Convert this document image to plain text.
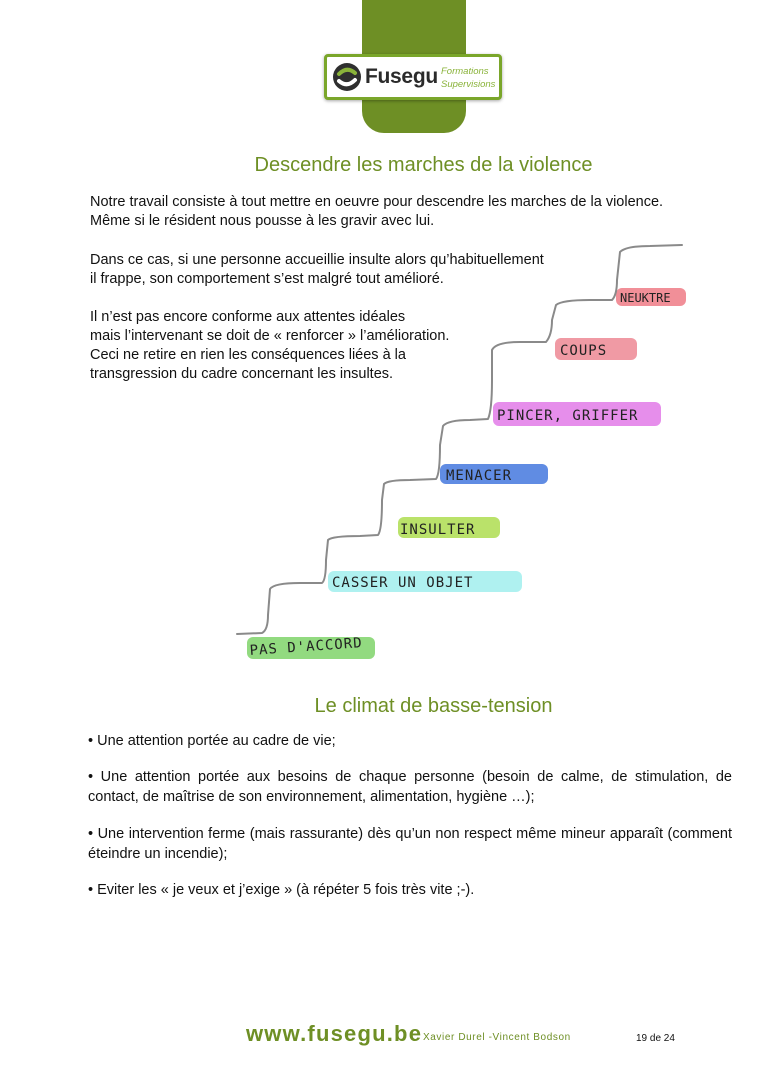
Fusegu Formations
Supervisions
Descendre les marches de la violence
Notre travail consiste à tout mettre en oeuvre pour descendre les marches de la violence.
Même si le résident nous pousse à les gravir avec lui.
Dans ce cas, si une personne accueillie insulte alors qu’habituellement
il frappe, son comportement s’est malgré tout amélioré.
Il n’est pas encore conforme aux attentes idéales
mais l’intervenant se doit de « renforcer » l’amélioration.
Ceci ne retire en rien les conséquences liées à la
transgression du cadre concernant les insultes.
PAS D'ACCORD
CASSER UN OBJET
INSULTER
MENACER
PINCER, GRIFFER
COUPS
NEUKTRE
Le climat de basse-tension
• Une attention portée au cadre de vie;
• Une attention portée aux besoins de chaque personne (besoin de calme, de stimulation, de contact, de maîtrise de son environnement, alimentation, hygiène …);
• Une intervention ferme (mais rassurante) dès qu’un non respect même mineur apparaît (comment éteindre un incendie);
• Eviter les « je veux et j’exige » (à répéter 5 fois très vite ;-).
www.fusegu.be Xavier Durel -Vincent Bodson	19 de 24
